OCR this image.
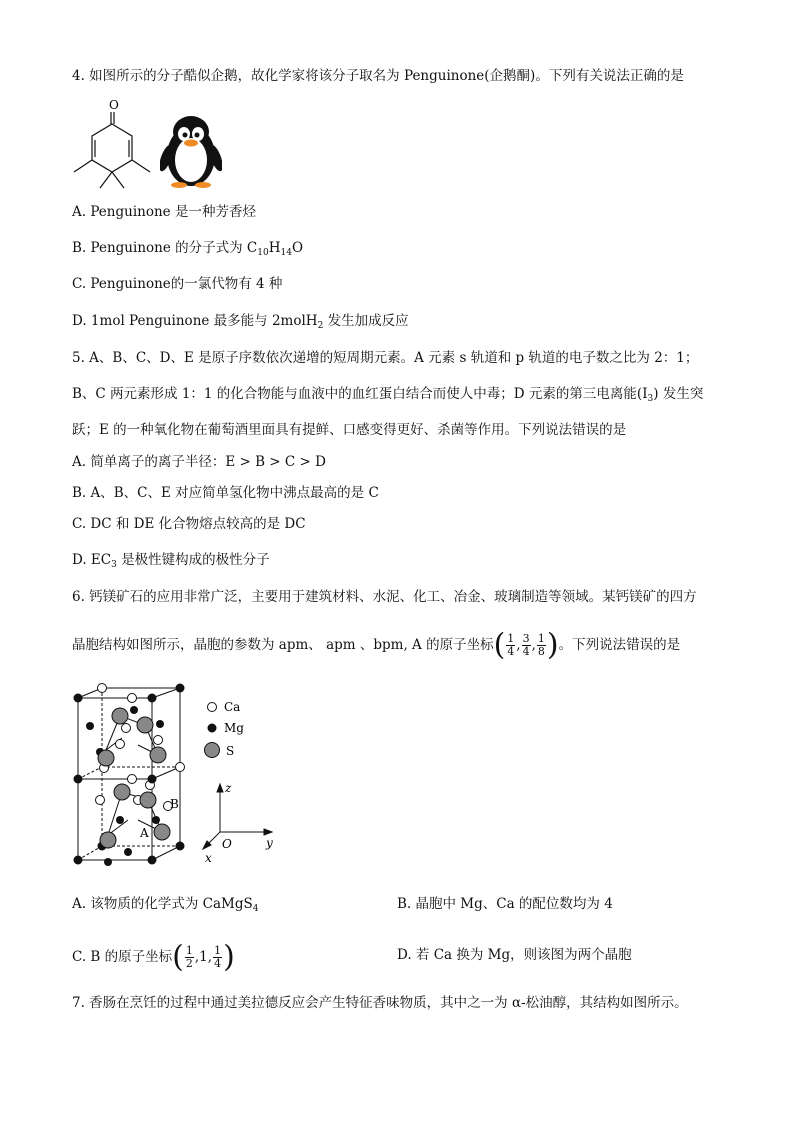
4. 如图所示的分子酷似企鹅，故化学家将该分子取名为 Penguinone(企鹅酮)。下列有关说法正确的是
O
A. Penguinone 是一种芳香烃
B. Penguinone 的分子式为 $C_{10}H_{14}O$
C. Penguinone的一氯代物有 4 种
D. 1mol Penguinone 最多能与 2molH$_2$ 发生加成反应
5. A、B、C、D、E 是原子序数依次递增的短周期元素。A 元素 s 轨道和 p 轨道的电子数之比为 2：1；
B、C 两元素形成 1：1 的化合物能与血液中的血红蛋白结合而使人中毒；D 元素的第三电离能$(I_3)$ 发生突
跃；E 的一种氧化物在葡萄酒里面具有提鲜、口感变得更好、杀菌等作用。下列说法错误的是
A. 简单离子的离子半径：E > B > C > D
B. A、B、C、E 对应简单氢化物中沸点最高的是 C
C. DC 和 DE 化合物熔点较高的是 DC
D. $EC_3$ 是极性键构成的极性分子
6. 钙镁矿石的应用非常广泛，主要用于建筑材料、水泥、化工、冶金、玻璃制造等领域。某钙镁矿的四方
晶胞结构如图所示，晶胞的参数为 apm、 apm 、bpm, A 的原子坐标( $\frac{1}{4}$ , $\frac{3}{4}$ , $\frac{1}{8}$ )。下列说法错误的是
B
A
Ca
Mg
S
z
y
x
O
A. 该物质的化学式为 CaMgS$_4$	B. 晶胞中 Mg、Ca 的配位数均为 4
C. B 的原子坐标( $\frac{1}{2} ,1$, $\frac{1}{4}$ )	D. 若 Ca 换为 Mg，则该图为两个晶胞
7. 香肠在烹饪的过程中通过美拉德反应会产生特征香味物质，其中之一为 α-松油醇，其结构如图所示。
